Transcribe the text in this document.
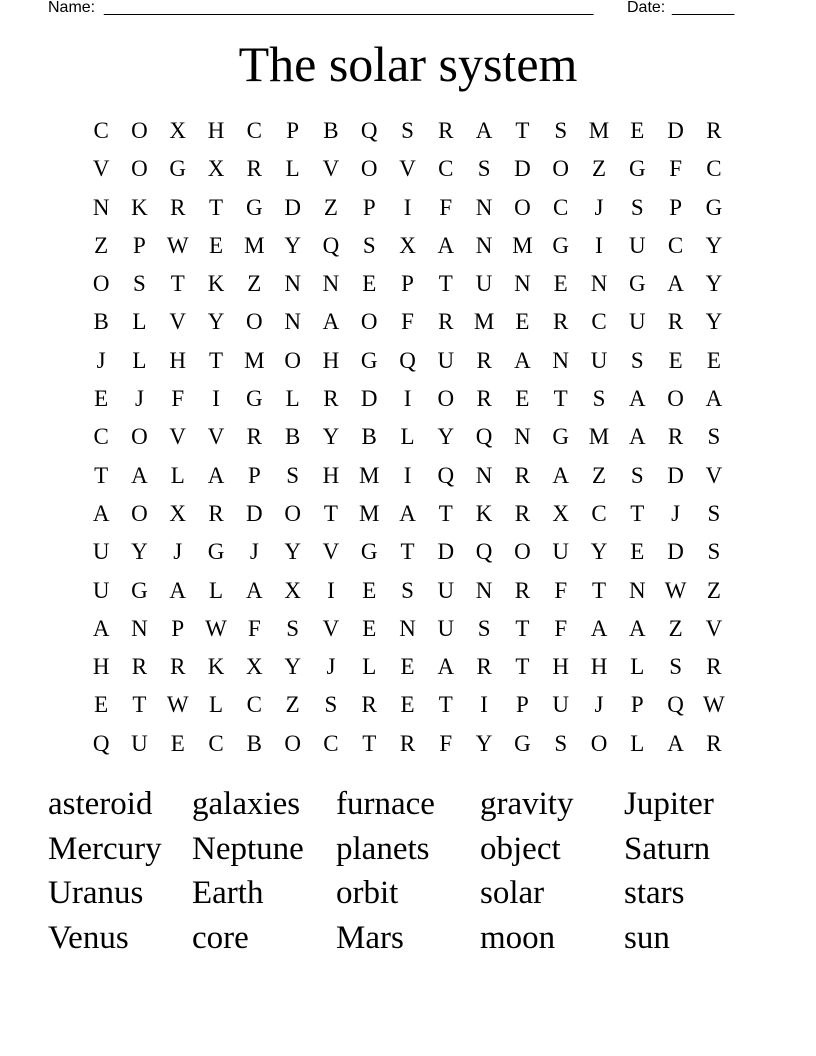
Name:

_______________________________________________________

Date:

_______

The solar system
C O X H C	P	B Q	S	R A T	S M E D R
V O G X R	L V O V C	S	D O Z G	F	C
N K R	T G D Z	P	I	F	N O C	J	S	P	G
Z	P W E M Y Q	S	X A N M G	I	U C Y
O	S	T K Z N N E	P	T U N E N G A Y
B	L V Y O N A O	F	R M E	R C U R Y
J	L H T M O H G Q U R A N U	S	E	E
E	J	F	I	G L	R D	I	O R	E	T	S	A O A
C O V V R B Y B	L Y Q N G M A R	S
T A L A	P	S	H M	I	Q N R A Z	S	D V
A O X R D O T M A T K R X C	T	J	S
U Y	J	G	J	Y V G T D Q O U Y E D	S
U G A L A X	I	E	S	U N R	F	T N W Z
A N	P W F	S	V E N U	S	T	F	A A Z V
H R R K X Y	J	L	E A R	T H H L	S	R
E	T W L	C	Z	S	R	E	T	I	P	U	J	P	Q W
Q U E	C B O C	T	R	F	Y G	S	O L A R
asteroid	galaxies	furnace	gravity	Jupiter
Mercury Neptune planets	object	Saturn
Uranus	Earth	orbit	solar	stars
Venus	core	Mars	moon	sun
